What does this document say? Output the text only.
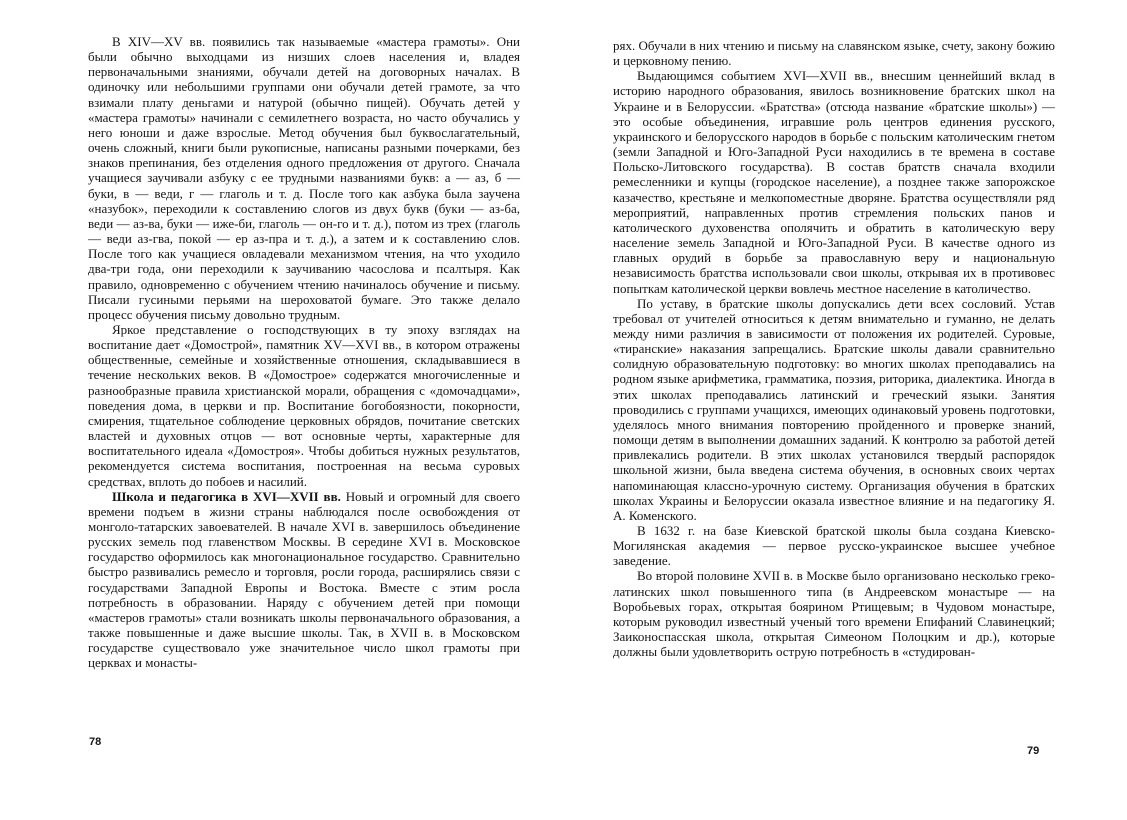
В XIV—XV вв. появились так называемые «мастера грамоты». Они были обычно выходцами из низших слоев населения и, владея первоначальными знаниями, обучали детей на договорных началах. В одиночку или небольшими группами они обучали детей грамоте, за что взимали плату деньгами и натурой (обычно пищей). Обучать детей у «мастера грамоты» начинали с семилетнего возраста, но часто обучались у него юноши и даже взрослые. Метод обучения был буквослагательный, очень сложный, книги были рукописные, написаны разными почерками, без знаков препинания, без отделения одного предложения от другого. Сначала учащиеся заучивали азбуку с ее трудными названиями букв: а — аз, б — буки, в — веди, г — глаголь и т. д. После того как азбука была заучена «назубок», переходили к составлению слогов из двух букв (буки — аз-ба, веди — аз-ва, буки — иже-би, глаголь — он-го и т. д.), потом из трех (глаголь — веди аз-гва, покой — ер аз-пра и т. д.), а затем и к составлению слов. После того как учащиеся овладевали механизмом чтения, на что уходило два-три года, они переходили к заучиванию часослова и псалтыря. Как правило, одновременно с обучением чтению начиналось обучение и письму. Писали гусиными перьями на шероховатой бумаге. Это также делало процесс обучения письму довольно трудным.

Яркое представление о господствующих в ту эпоху взглядах на воспитание дает «Домострой», памятник XV—XVI вв., в котором отражены общественные, семейные и хозяйственные отношения, складывавшиеся в течение нескольких веков. В «Домострое» содержатся многочисленные и разнообразные правила христианской морали, обращения с «домочадцами», поведения дома, в церкви и пр. Воспитание богобоязности, покорности, смирения, тщательное соблюдение церковных обрядов, почитание светских властей и духовных отцов — вот основные черты, характерные для воспитательного идеала «Домостроя». Чтобы добиться нужных результатов, рекомендуется система воспитания, построенная на весьма суровых средствах, вплоть до побоев и насилий.

Школа и педагогика в XVI—XVII вв. Новый и огромный для своего времени подъем в жизни страны наблюдался после освобождения от монголо-татарских завоевателей. В начале XVI в. завершилось объединение русских земель под главенством Москвы. В середине XVI в. Московское государство оформилось как многонациональное государство. Сравнительно быстро развивались ремесло и торговля, росли города, расширялись связи с государствами Западной Европы и Востока. Вместе с этим росла потребность в образовании. Наряду с обучением детей при помощи «мастеров грамоты» стали возникать школы первоначального образования, а также повышенные и даже высшие школы. Так, в XVII в. в Московском государстве существовало уже значительное число школ грамоты при церквах и монасты-

78

рях. Обучали в них чтению и письму на славянском языке, счету, закону божию и церковному пению.

Выдающимся событием XVI—XVII вв., внесшим ценнейший вклад в историю народного образования, явилось возникновение братских школ на Украине и в Белоруссии. «Братства» (отсюда название «братские школы») — это особые объединения, игравшие роль центров единения русского, украинского и белорусского народов в борьбе с польским католическим гнетом (земли Западной и Юго-Западной Руси находились в те времена в составе Польско-Литовского государства). В состав братств сначала входили ремесленники и купцы (городское население), а позднее также запорожское казачество, крестьяне и мелкопоместные дворяне. Братства осуществляли ряд мероприятий, направленных против стремления польских панов и католического духовенства ополячить и обратить в католическую веру население земель Западной и Юго-Западной Руси. В качестве одного из главных орудий в борьбе за православную веру и национальную независимость братства использовали свои школы, открывая их в противовес попыткам католической церкви вовлечь местное население в католичество.

По уставу, в братские школы допускались дети всех сословий. Устав требовал от учителей относиться к детям внимательно и гуманно, не делать между ними различия в зависимости от положения их родителей. Суровые, «тиранские» наказания запрещались. Братские школы давали сравнительно солидную образовательную подготовку: во многих школах преподавались на родном языке арифметика, грамматика, поэзия, риторика, диалектика. Иногда в этих школах преподавались латинский и греческий языки. Занятия проводились с группами учащихся, имеющих одинаковый уровень подготовки, уделялось много внимания повторению пройденного и проверке знаний, помощи детям в выполнении домашних заданий. К контролю за работой детей привлекались родители. В этих школах установился твердый распорядок школьной жизни, была введена система обучения, в основных своих чертах напоминающая классно-урочную систему. Организация обучения в братских школах Украины и Белоруссии оказала известное влияние и на педагогику Я. А. Коменского.

В 1632 г. на базе Киевской братской школы была создана Киевско-Могилянская академия — первое русско-украинское высшее учебное заведение.

Во второй половине XVII в. в Москве было организовано несколько греко-латинских школ повышенного типа (в Андреевском монастыре — на Воробьевых горах, открытая боярином Ртищевым; в Чудовом монастыре, которым руководил известный ученый того времени Епифаний Славинецкий; Заиконоспасская школа, открытая Симеоном Полоцким и др.), которые должны были удовлетворить острую потребность в «студирован-

79
